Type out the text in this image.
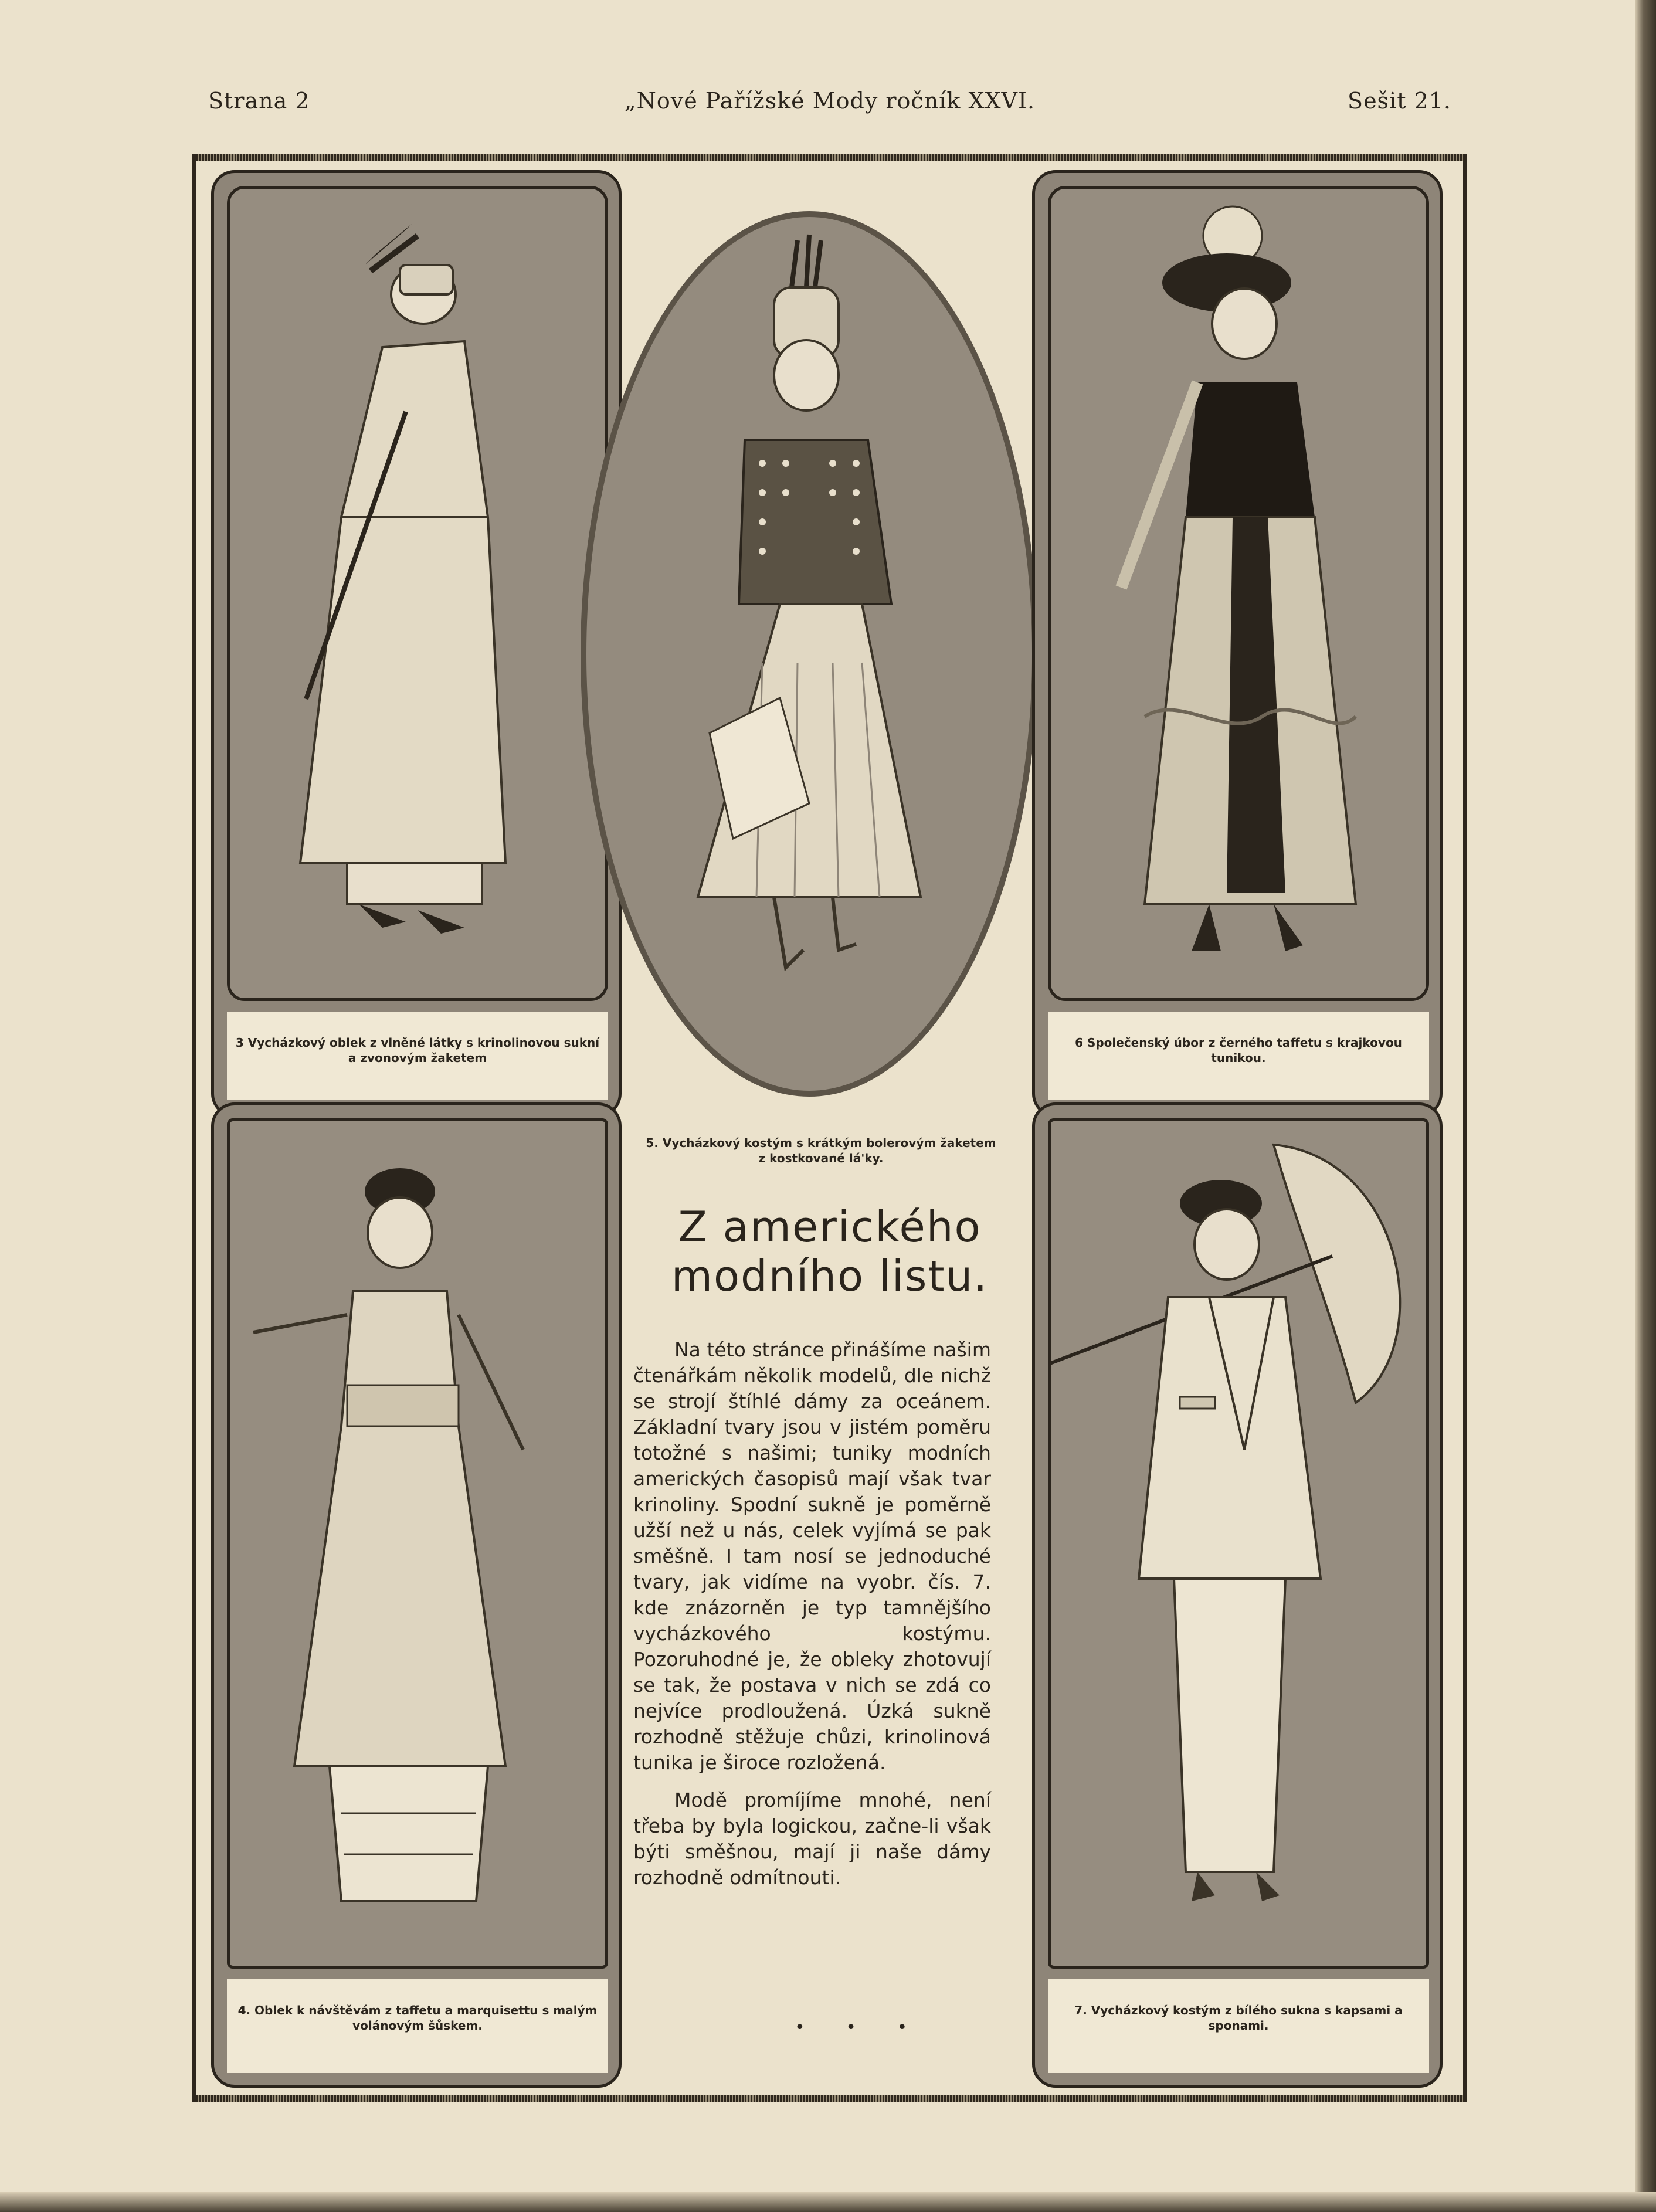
Strana 2	„Nové Pařížské Mody ročník XXVI.	Sešit 21.
3 Vycházkový oblek z vlněné látky s krinolinovou sukní a zvonovým žaketem
4. Oblek k návštěvám z taffetu a marquisettu s malým volánovým šůskem.
5. Vycházkový kostým s krátkým bolerovým žaketem z kostkované lá'ky.
6 Společenský úbor z černého taffetu s krajkovou tunikou.
7. Vycházkový kostým z bílého sukna s kapsami a sponami.
Z amerického
modního listu.

Na této stránce přinášíme našim čtenářkám několik modelů, dle nichž se strojí štíhlé dámy za oceánem. Základní tvary jsou v jistém poměru totožné s našimi; tuniky modních amerických časopisů mají však tvar krinoliny. Spodní sukně je poměrně užší než u nás, celek vyjímá se pak směšně. I tam nosí se jednoduché tvary, jak vidíme na vyobr. čís. 7. kde znázorněn je typ tamnějšího vycházkového kostýmu. Pozoruhodné je, že obleky zhotovují se tak, že postava v nich se zdá co nejvíce prodloužená. Úzká sukně rozhodně stěžuje chůzi, krinolinová tunika je široce rozložená.

Modě promíjíme mnohé, není třeba by byla logickou, začne-li však býti směšnou, mají ji naše dámy rozhodně odmítnouti.

• • •
